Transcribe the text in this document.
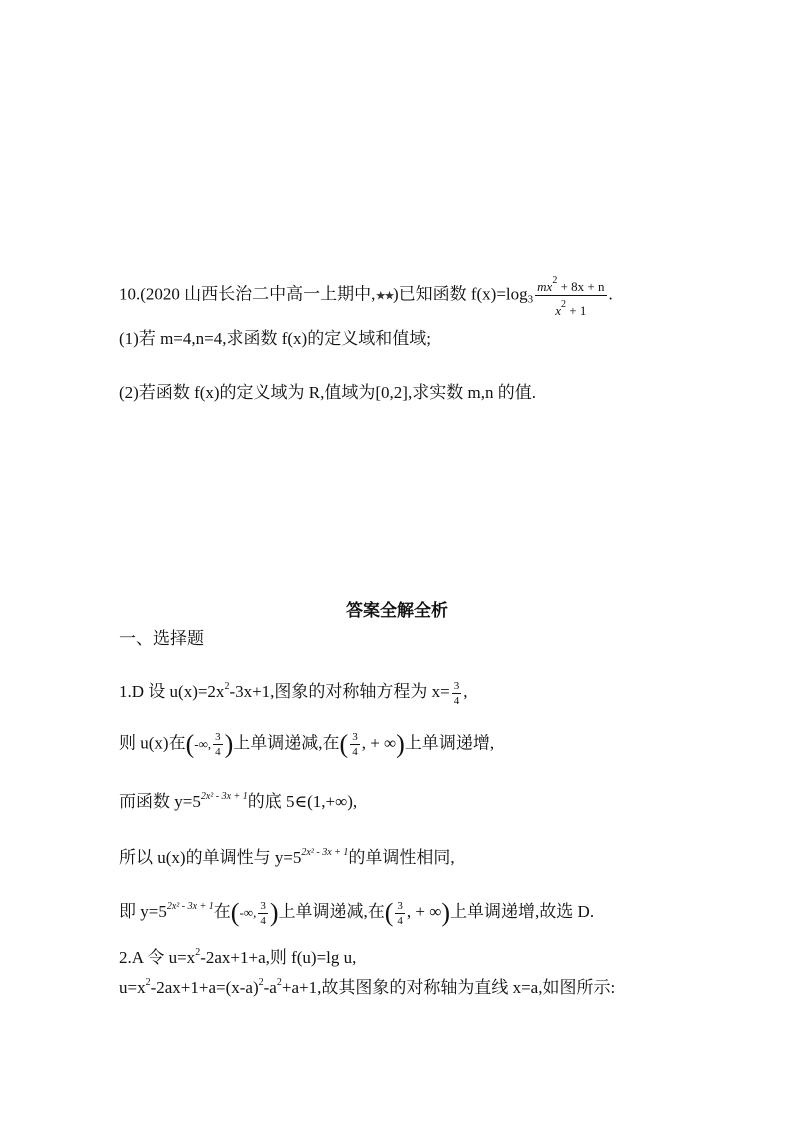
10.(2020 山西长治二中高一上期中,★★)已知函数 $f(x)=\log_3 \frac{mx^2 + 8x + n}{x^2 + 1}$ .
(1)若 m=4,n=4,求函数 f(x)的定义域和值域;
(2)若函数 f(x)的定义域为 R,值域为[0,2],求实数 m,n 的值.
答案全解全析
一、选择题
1.D 设 $u(x)=2x^2-3x+1$,图象的对称轴方程为 $x= \frac{3}{4}$ ,
则 u(x)在(-∞, $\frac{3}{4}$ )上单调递减,在( $\frac{3}{4}$ , + ∞)上单调递增,
而函数 $y=5^{2x^2 - 3x + 1}$的底 5∈(1,+∞),
所以 u(x)的单调性与 $y=5^{2x^2 - 3x + 1}$的单调性相同,
即 $y=5^{2x^2 - 3x + 1}$在(-∞, $\frac{3}{4}$ )上单调递减,在( $\frac{3}{4}$ , + ∞)上单调递增,故选 D.
2.A 令 $u=x^2-2ax+1+a$,则 f(u)=lg u,
$u=x^2-2ax+1+a=(x-a)^2-a^2+a+1$,故其图象的对称轴为直线 x=a,如图所示:
